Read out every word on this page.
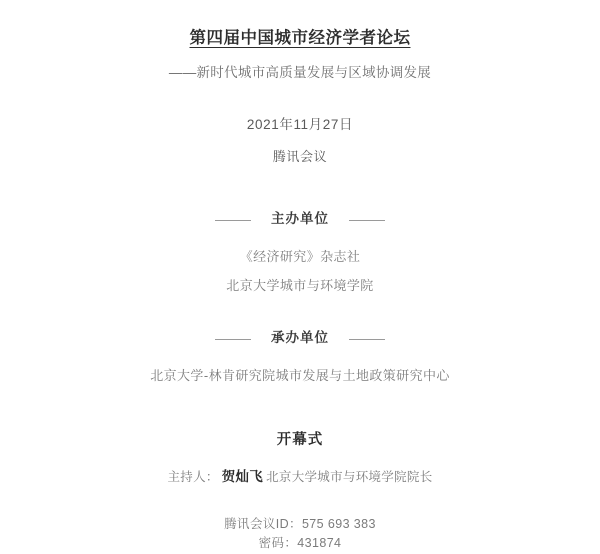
第四届中国城市经济学者论坛
——新时代城市高质量发展与区域协调发展
2021年11月27日
腾讯会议
主办单位
《经济研究》杂志社
北京大学城市与环境学院
承办单位
北京大学-林肯研究院城市发展与土地政策研究中心
开幕式
主持人： 贺灿飞 北京大学城市与环境学院院长
腾讯会议ID：575 693 383
密码：431874
